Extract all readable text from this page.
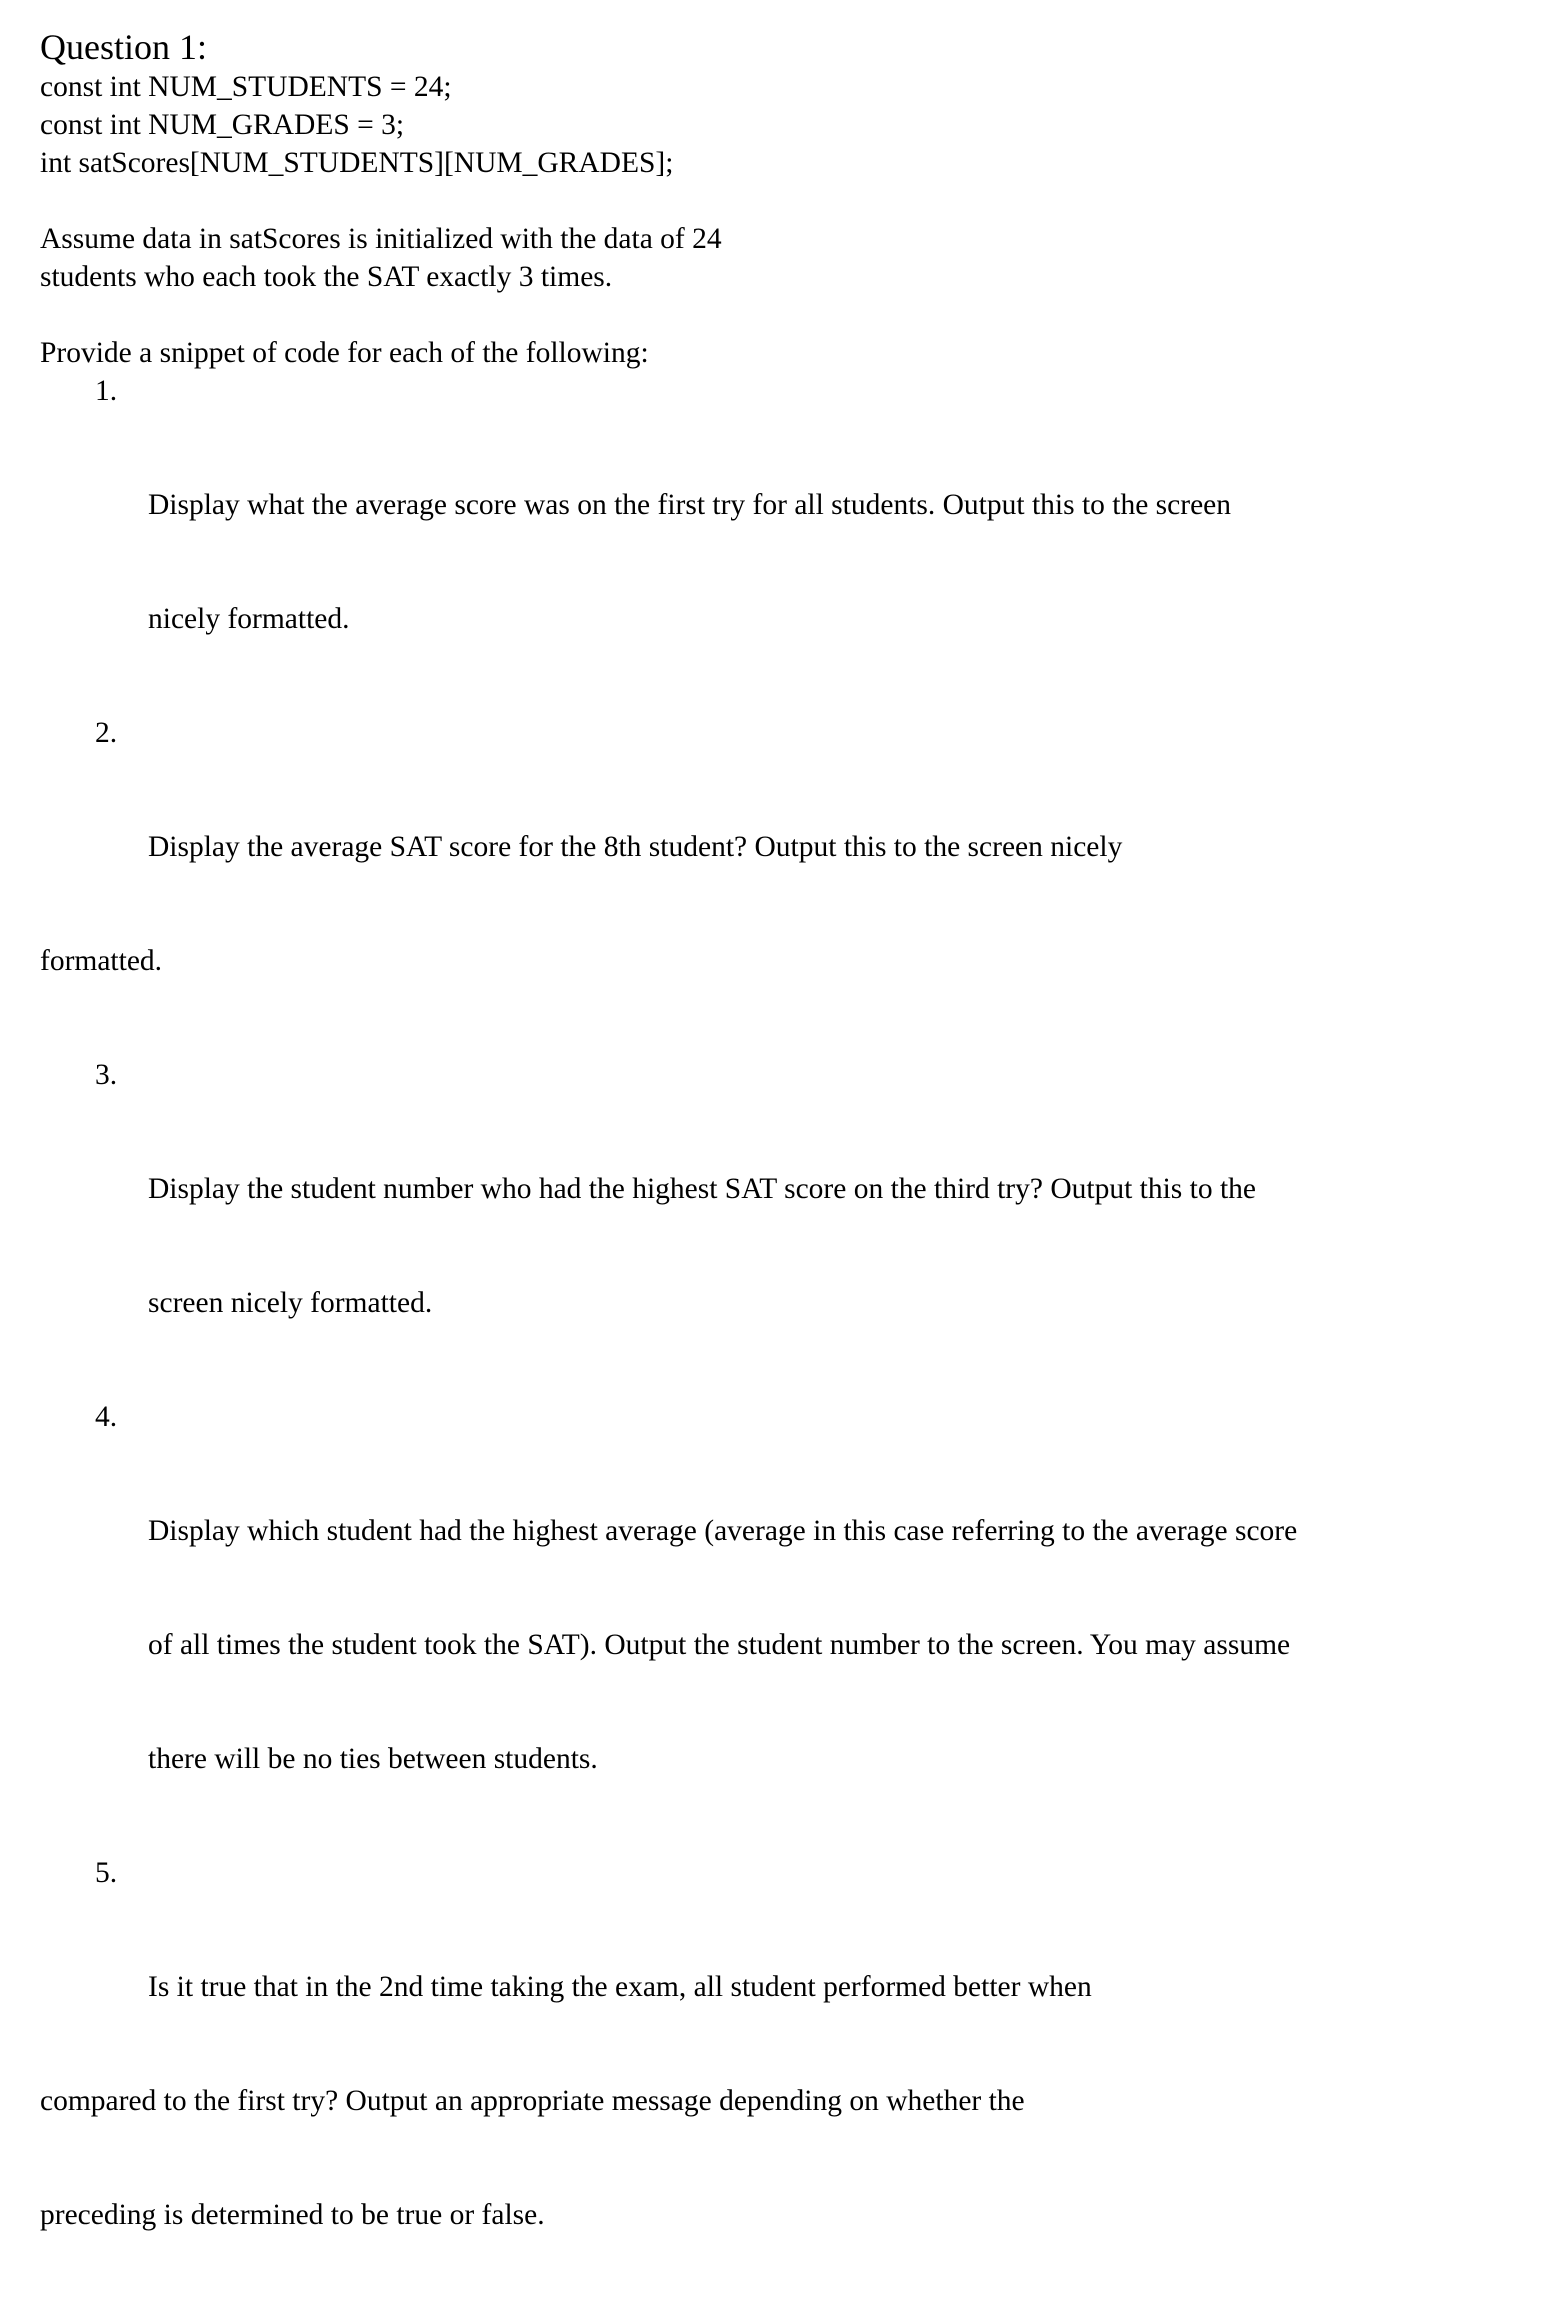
Question 1:
const int NUM_STUDENTS = 24;
const int NUM_GRADES = 3;
int satScores[NUM_STUDENTS][NUM_GRADES];
Assume data in satScores is initialized with the data of 24
students who each took the SAT exactly 3 times.
Provide a snippet of code for each of the following:

1.

Display what the average score was on the first try for all students. Output this to the screen

nicely formatted.

2.

Display the average SAT score for the 8th student? Output this to the screen nicely

formatted.

3.

Display the student number who had the highest SAT score on the third try? Output this to the

screen nicely formatted.

4.

Display which student had the highest average (average in this case referring to the average score

of all times the student took the SAT). Output the student number to the screen. You may assume

there will be no ties between students.

5.

Is it true that in the 2nd time taking the exam, all student performed better when

compared to the first try? Output an appropriate message depending on whether the

preceding is determined to be true or false.
